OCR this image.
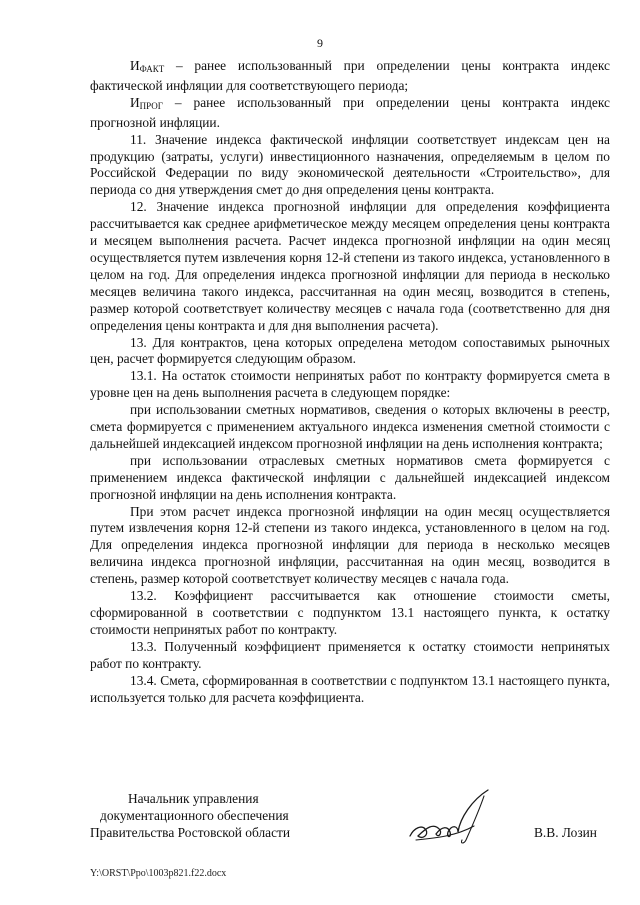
9

$И_{ФАКТ}$ – ранее использованный при определении цены контракта индекс фактической инфляции для соответствующего периода;

$И_{ПРОГ}$ – ранее использованный при определении цены контракта индекс прогнозной инфляции.

11. Значение индекса фактической инфляции соответствует индексам цен на продукцию (затраты, услуги) инвестиционного назначения, определяемым в целом по Российской Федерации по виду экономической деятельности «Строительство», для периода со дня утверждения смет до дня определения цены контракта.

12. Значение индекса прогнозной инфляции для определения коэффициента рассчитывается как среднее арифметическое между месяцем определения цены контракта и месяцем выполнения расчета. Расчет индекса прогнозной инфляции на один месяц осуществляется путем извлечения корня 12-й степени из такого индекса, установленного в целом на год. Для определения индекса прогнозной инфляции для периода в несколько месяцев величина такого индекса, рассчитанная на один месяц, возводится в степень, размер которой соответствует количеству месяцев с начала года (соответственно для дня определения цены контракта и для дня выполнения расчета).

13. Для контрактов, цена которых определена методом сопоставимых рыночных цен, расчет формируется следующим образом.

13.1. На остаток стоимости непринятых работ по контракту формируется смета в уровне цен на день выполнения расчета в следующем порядке:

при использовании сметных нормативов, сведения о которых включены в реестр, смета формируется с применением актуального индекса изменения сметной стоимости с дальнейшей индексацией индексом прогнозной инфляции на день исполнения контракта;

при использовании отраслевых сметных нормативов смета формируется с применением индекса фактической инфляции с дальнейшей индексацией индексом прогнозной инфляции на день исполнения контракта.

При этом расчет индекса прогнозной инфляции на один месяц осуществляется путем извлечения корня 12-й степени из такого индекса, установленного в целом на год. Для определения индекса прогнозной инфляции для периода в несколько месяцев величина индекса прогнозной инфляции, рассчитанная на один месяц, возводится в степень, размер которой соответствует количеству месяцев с начала года.

13.2. Коэффициент рассчитывается как отношение стоимости сметы, сформированной в соответствии с подпунктом 13.1 настоящего пункта, к остатку стоимости непринятых работ по контракту.

13.3. Полученный коэффициент применяется к остатку стоимости непринятых работ по контракту.

13.4. Смета, сформированная в соответствии с подпунктом 13.1 настоящего пункта, используется только для расчета коэффициента.

Начальник управления
документационного обеспечения
Правительства Ростовской области	В.В. Лозин
Y:\ORST\Ppo\1003p821.f22.docx
